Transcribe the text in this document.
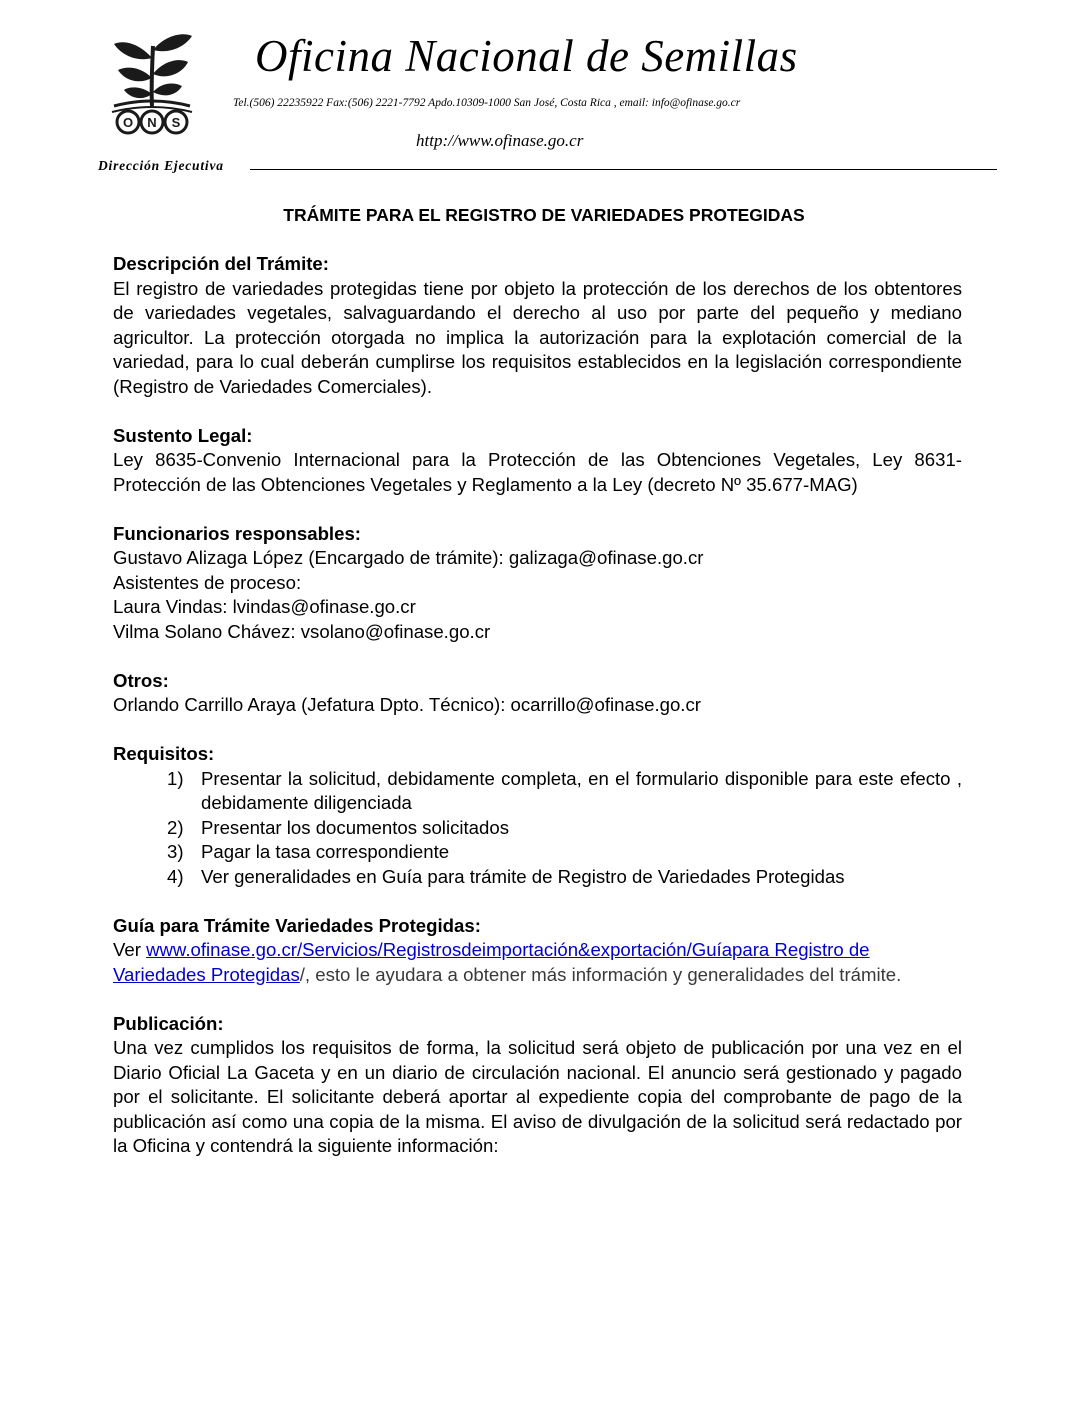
O N S
Oficina Nacional de Semillas
Tel.(506) 22235922 Fax:(506) 2221-7792 Apdo.10309-1000 San José, Costa Rica , email: info@ofinase.go.cr
http://www.ofinase.go.cr
Dirección Ejecutiva
TRÁMITE PARA EL REGISTRO DE VARIEDADES PROTEGIDAS
Descripción del Trámite:

El registro de variedades protegidas tiene por objeto la protección de los derechos de los obtentores de variedades vegetales, salvaguardando el derecho al uso por parte del pequeño y mediano agricultor. La protección otorgada no implica la autorización para la explotación comercial de la variedad, para lo cual deberán cumplirse los requisitos establecidos en la legislación correspondiente (Registro de Variedades Comerciales).

Sustento Legal:

Ley 8635-Convenio Internacional para la Protección de las Obtenciones Vegetales, Ley 8631-Protección de las Obtenciones Vegetales y Reglamento a la Ley (decreto Nº 35.677-MAG)

Funcionarios responsables:
Gustavo Alizaga López (Encargado de trámite): galizaga@ofinase.go.cr
Asistentes de proceso:
Laura Vindas: lvindas@ofinase.go.cr
Vilma Solano Chávez: vsolano@ofinase.go.cr
Otros:
Orlando Carrillo Araya (Jefatura Dpto. Técnico): ocarrillo@ofinase.go.cr
Requisitos:
1) Presentar la solicitud, debidamente completa, en el formulario disponible para este efecto , debidamente diligenciada
2) Presentar los documentos solicitados
3) Pagar la tasa correspondiente
4) Ver generalidades en Guía para trámite de Registro de Variedades Protegidas
Guía para Trámite Variedades Protegidas:
Ver www.ofinase.go.cr/Servicios/Registrosdeimportación&exportación/Guíapara Registro de Variedades Protegidas/, esto le ayudara a obtener más información y generalidades del trámite.
Publicación:

Una vez cumplidos los requisitos de forma, la solicitud será objeto de publicación por una vez en el Diario Oficial La Gaceta y en un diario de circulación nacional. El anuncio será gestionado y pagado por el solicitante. El solicitante deberá aportar al expediente copia del comprobante de pago de la publicación así como una copia de la misma. El aviso de divulgación de la solicitud será redactado por la Oficina y contendrá la siguiente información:
